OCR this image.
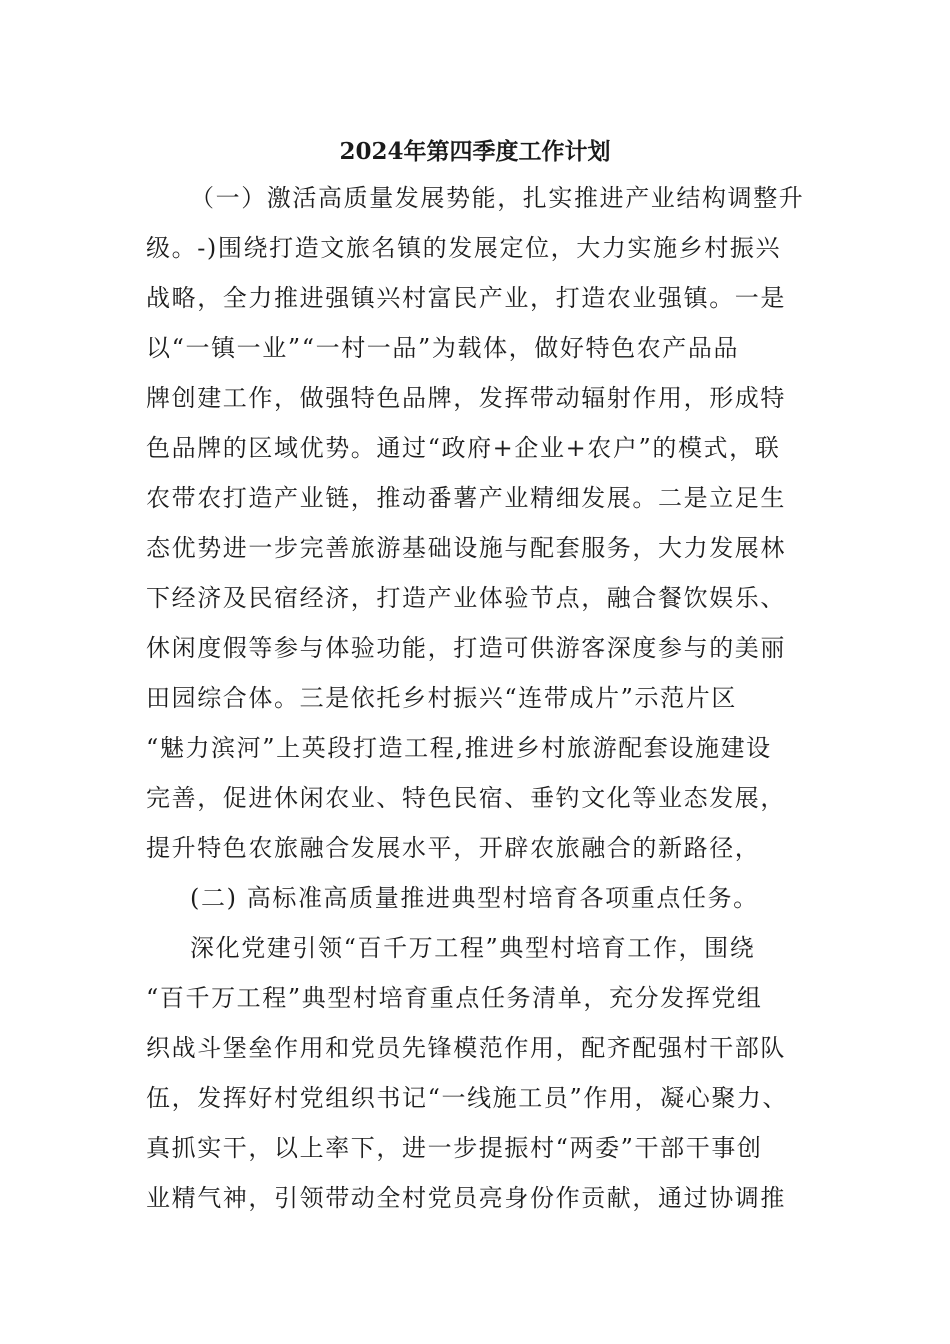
2024年第四季度工作计划

（一）激活高质量发展势能，扎实推进产业结构调整升

级。-)围绕打造文旅名镇的发展定位，大力实施乡村振兴

战略，全力推进强镇兴村富民产业，打造农业强镇。一是

以“一镇一业”“一村一品”为载体，做好特色农产品品

牌创建工作，做强特色品牌，发挥带动辐射作用，形成特

色品牌的区域优势。通过“政府+企业+农户”的模式，联

农带农打造产业链，推动番薯产业精细发展。二是立足生

态优势进一步完善旅游基础设施与配套服务，大力发展林

下经济及民宿经济，打造产业体验节点，融合餐饮娱乐、

休闲度假等参与体验功能，打造可供游客深度参与的美丽

田园综合体。三是依托乡村振兴“连带成片”示范片区

“魅力滨河”上英段打造工程,推进乡村旅游配套设施建设

完善，促进休闲农业、特色民宿、垂钓文化等业态发展，

提升特色农旅融合发展水平，开辟农旅融合的新路径，

(二) 高标准高质量推进典型村培育各项重点任务。

深化党建引领“百千万工程”典型村培育工作，围绕

“百千万工程”典型村培育重点任务清单，充分发挥党组

织战斗堡垒作用和党员先锋模范作用，配齐配强村干部队

伍，发挥好村党组织书记“一线施工员”作用，凝心聚力、

真抓实干，以上率下，进一步提振村“两委”干部干事创

业精气神，引领带动全村党员亮身份作贡献，通过协调推
